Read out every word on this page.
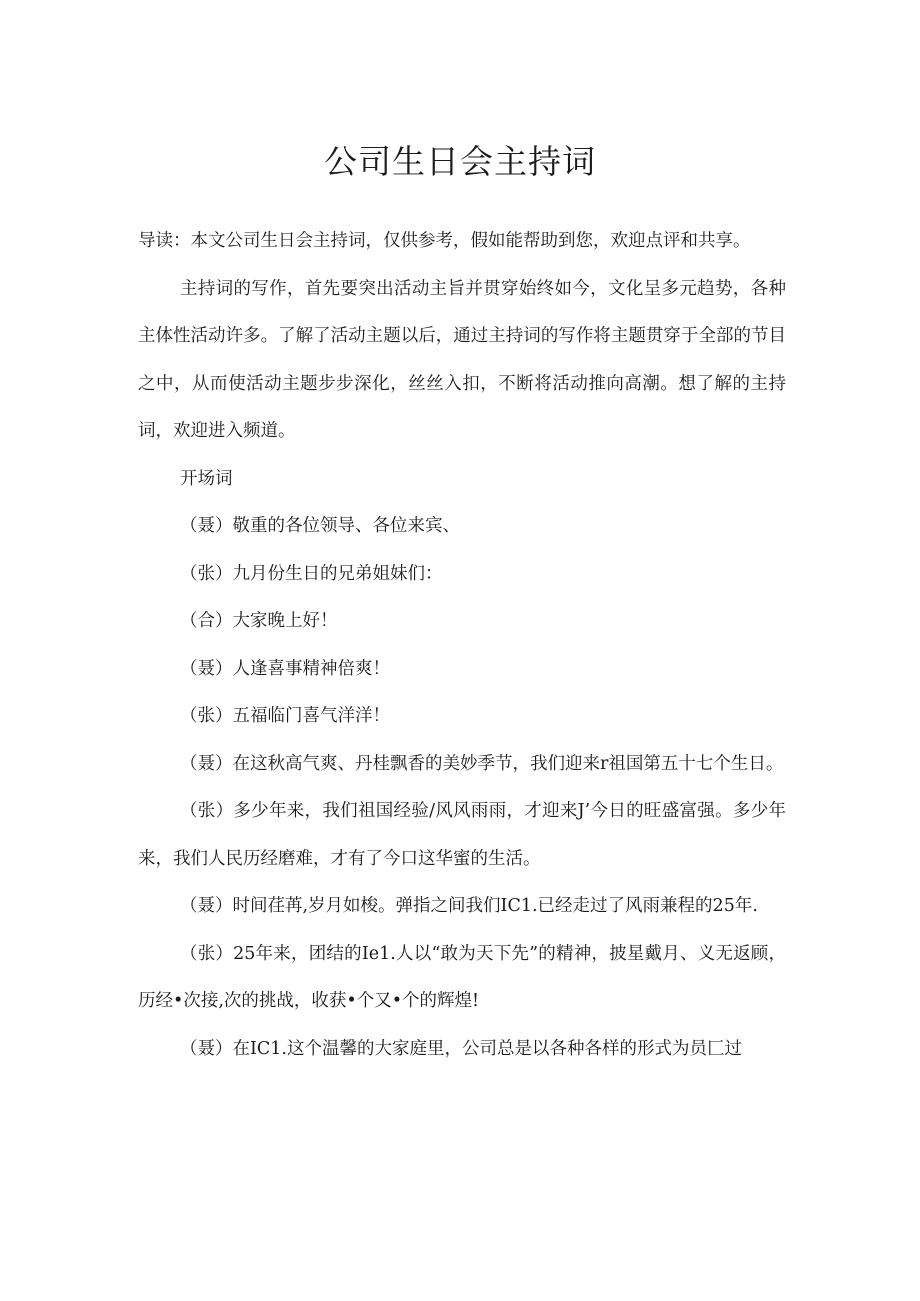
公司生日会主持词

导读：本文公司生日会主持词，仅供参考，假如能帮助到您，欢迎点评和共享。

主持词的写作，首先要突出活动主旨并贯穿始终如今，文化呈多元趋势，各种主体性活动许多。了解了活动主题以后，通过主持词的写作将主题贯穿于全部的节目之中，从而使活动主题步步深化，丝丝入扣，不断将活动推向高潮。想了解的主持词，欢迎进入频道。

开场词

（聂）敬重的各位领导、各位来宾、

（张）九月份生日的兄弟姐妹们：

（合）大家晚上好！

（聂）人逢喜事精神倍爽！

（张）五福临门喜气洋洋！

（聂）在这秋高气爽、丹桂飘香的美妙季节，我们迎来r祖国第五十七个生日。

（张）多少年来，我们祖国经验/风风雨雨，才迎来J’今日的旺盛富强。多少年来，我们人民历经磨难，才有了今口这华蜜的生活。

（聂）时间荏苒,岁月如梭。弹指之间我们IC1.已经走过了风雨兼程的25年.

（张）25年来，团结的Ie1.人以“敢为天下先”的精神，披星戴月、义无返顾，历经•次接,次的挑战，收获•个又•个的辉煌!

（聂）在IC1.这个温馨的大家庭里，公司总是以各种各样的形式为员匚过
